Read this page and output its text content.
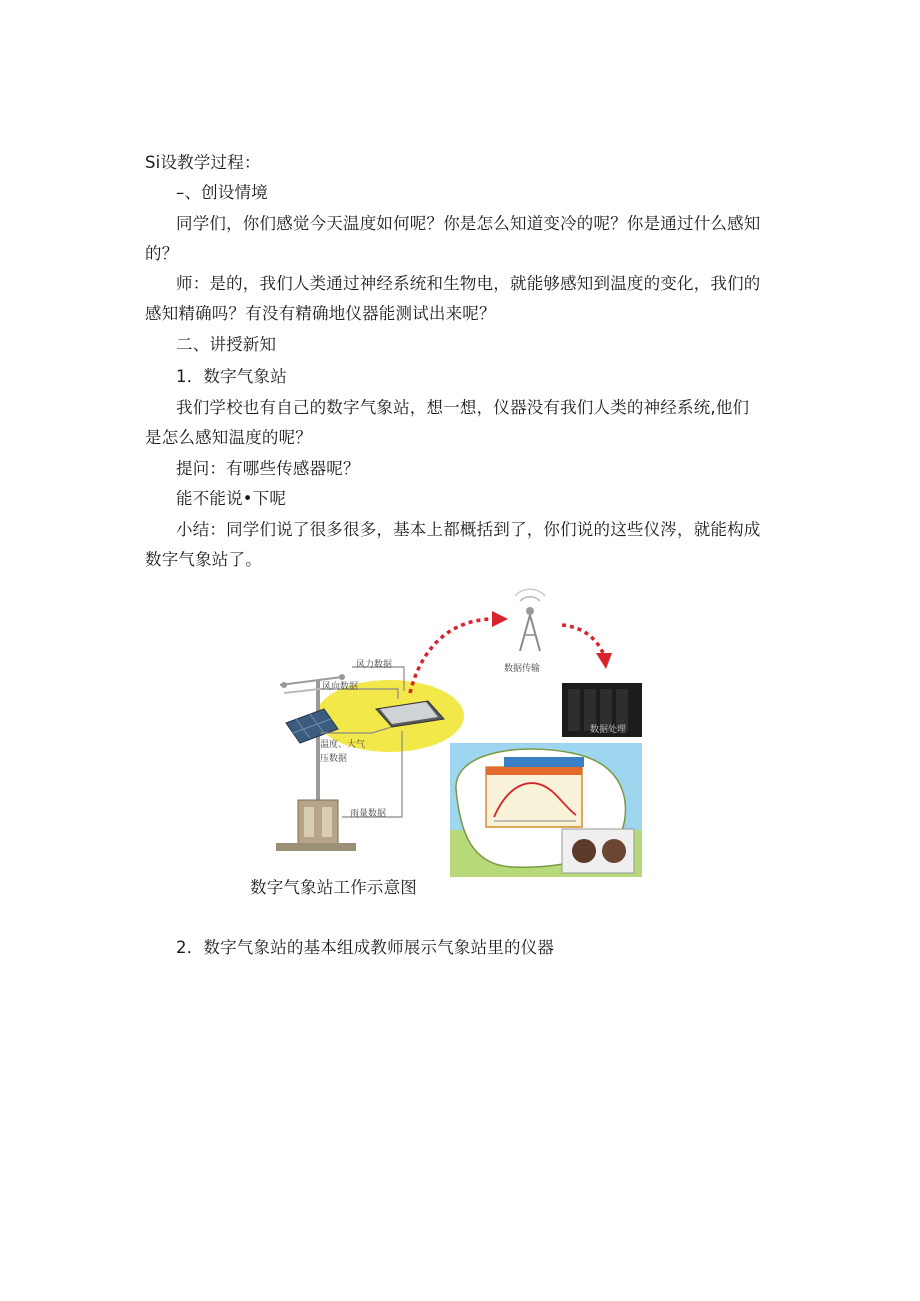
Si设教学过程：
–、创设情境
同学们，你们感觉今天温度如何呢？你是怎么知道变冷的呢？你是通过什么感知
的？
师：是的，我们人类通过神经系统和生物电，就能够感知到温度的变化，我们的
感知精确吗？有没有精确地仪器能测试出来呢？
二、讲授新知
1．数字气象站
我们学校也有自己的数字气象站，想一想，仪器没有我们人类的神经系统,他们
是怎么感知温度的呢？
提问：有哪些传感器呢？
能不能说•下呢
小结：同学们说了很多很多，基本上都概括到了，你们说的这些仪涔，就能构成
数字气象站了。
风力数据
风向数据
温度、大气
压数据
雨量数据
数据传输
数据处理
数字气象站工作示意图
2．数字气象站的基本组成教师展示气象站里的仪器
